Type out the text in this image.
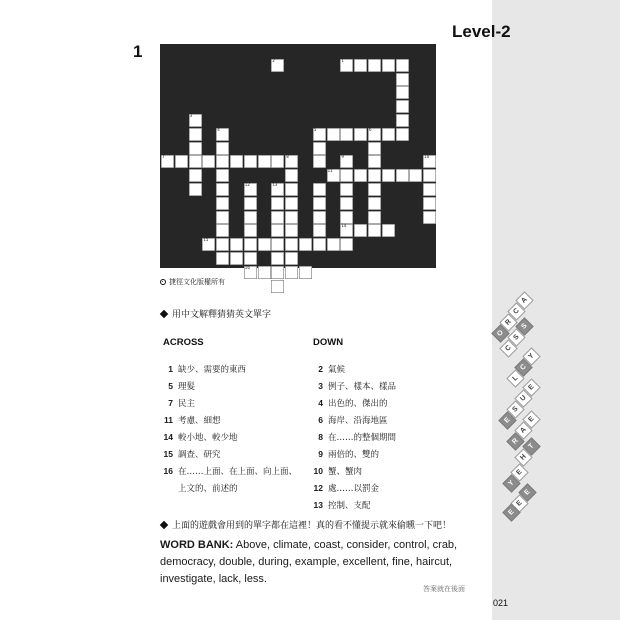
A
C
R
O
S
S
C
Y
C
L
E
U
S
E	E
A
R
T
H
E
Y
E
E
E
Level-2
1	1
2
3
4	5	6
7	8	9
14
10
11
12	13
15
16
捷徑文化版權所有
用中文解釋猜猜英文單字
ACROSS	DOWN
1 缺少、需要的東西
5 理髮
7 民主
11 考慮、細想
14 較小地、較少地
15 調查、研究
16 在……上面、在上面、向上面、
上文的、前述的
2 氣候
3 例子、樣本、樣品
4 出色的、傑出的
6 海岸、沿海地區
8 在……的整個期間
9 兩倍的、雙的
10 蟹、蟹肉
12 處……以罰金
13 控制、支配
上面的遊戲會用到的單字都在這裡！真的看不懂提示就來偷矄一下吧！
WORD BANK: Above, climate, coast, consider, control, crab, democracy, double, during, example, excellent, fine, haircut, investigate, lack, less.
答案就在後面
021
